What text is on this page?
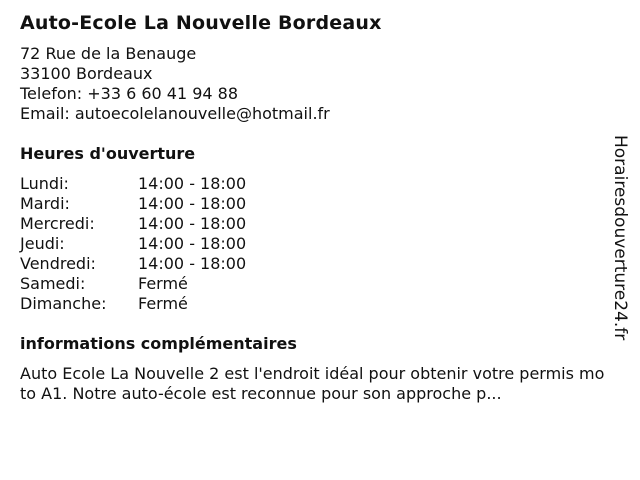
Auto-Ecole La Nouvelle Bordeaux
72 Rue de la Benauge
33100 Bordeaux
Telefon: +33 6 60 41 94 88
Email: autoecolelanouvelle@hotmail.fr
Heures d'ouverture
Lundi:	14:00 - 18:00
Mardi:	14:00 - 18:00
Mercredi:	14:00 - 18:00
Jeudi:	14:00 - 18:00
Vendredi:	14:00 - 18:00
Samedi:	Fermé
Dimanche: Fermé
informations complémentaires
Auto Ecole La Nouvelle 2 est l'endroit idéal pour obtenir votre permis moto A1. Notre auto-école est reconnue pour son approche p...
Horairesdouverture24.fr
